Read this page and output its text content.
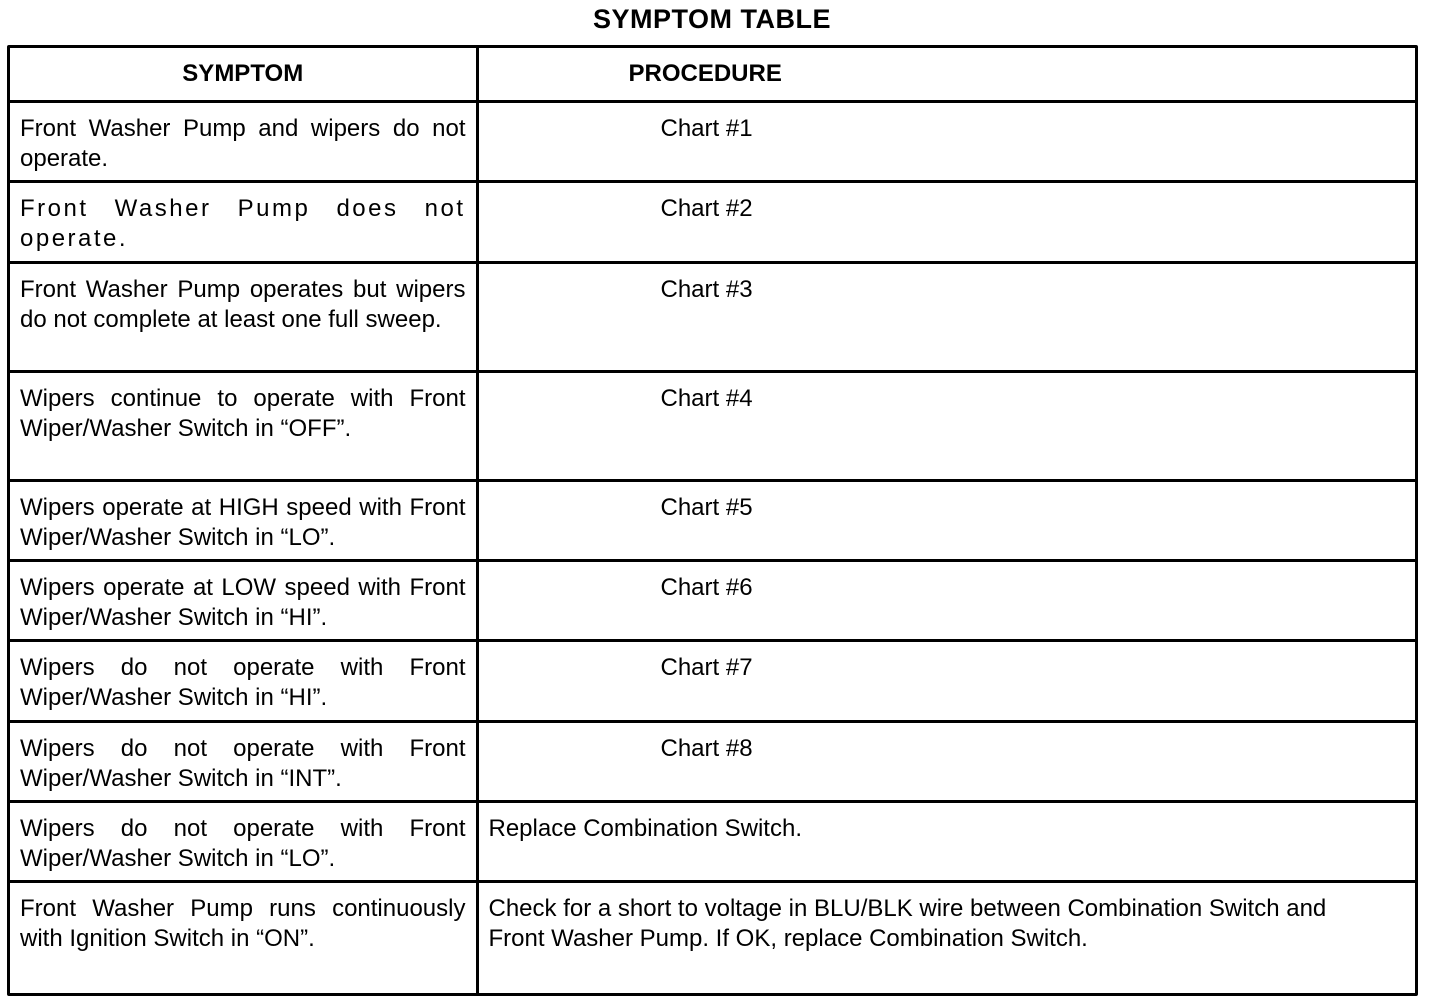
SYMPTOM TABLE
SYMPTOM	PROCEDURE
Front Washer Pump and wipers do not operate.	Chart #1
Front Washer Pump does not operate.	Chart #2
Front Washer Pump operates but wipers do not complete at least one full sweep.	Chart #3
Wipers continue to operate with Front Wiper/Washer Switch in “OFF”.	Chart #4
Wipers operate at HIGH speed with Front Wiper/Washer Switch in “LO”.	Chart #5
Wipers operate at LOW speed with Front Wiper/Washer Switch in “HI”.	Chart #6
Wipers do not operate with Front Wiper/Washer Switch in “HI”.	Chart #7
Wipers do not operate with Front Wiper/Washer Switch in “INT”.	Chart #8
Wipers do not operate with Front Wiper/Washer Switch in “LO”.	Replace Combination Switch.
Front Washer Pump runs continuously with Ignition Switch in “ON”.	Check for a short to voltage in BLU/BLK wire between Combination Switch and Front Washer Pump. If OK, replace Combination Switch.
